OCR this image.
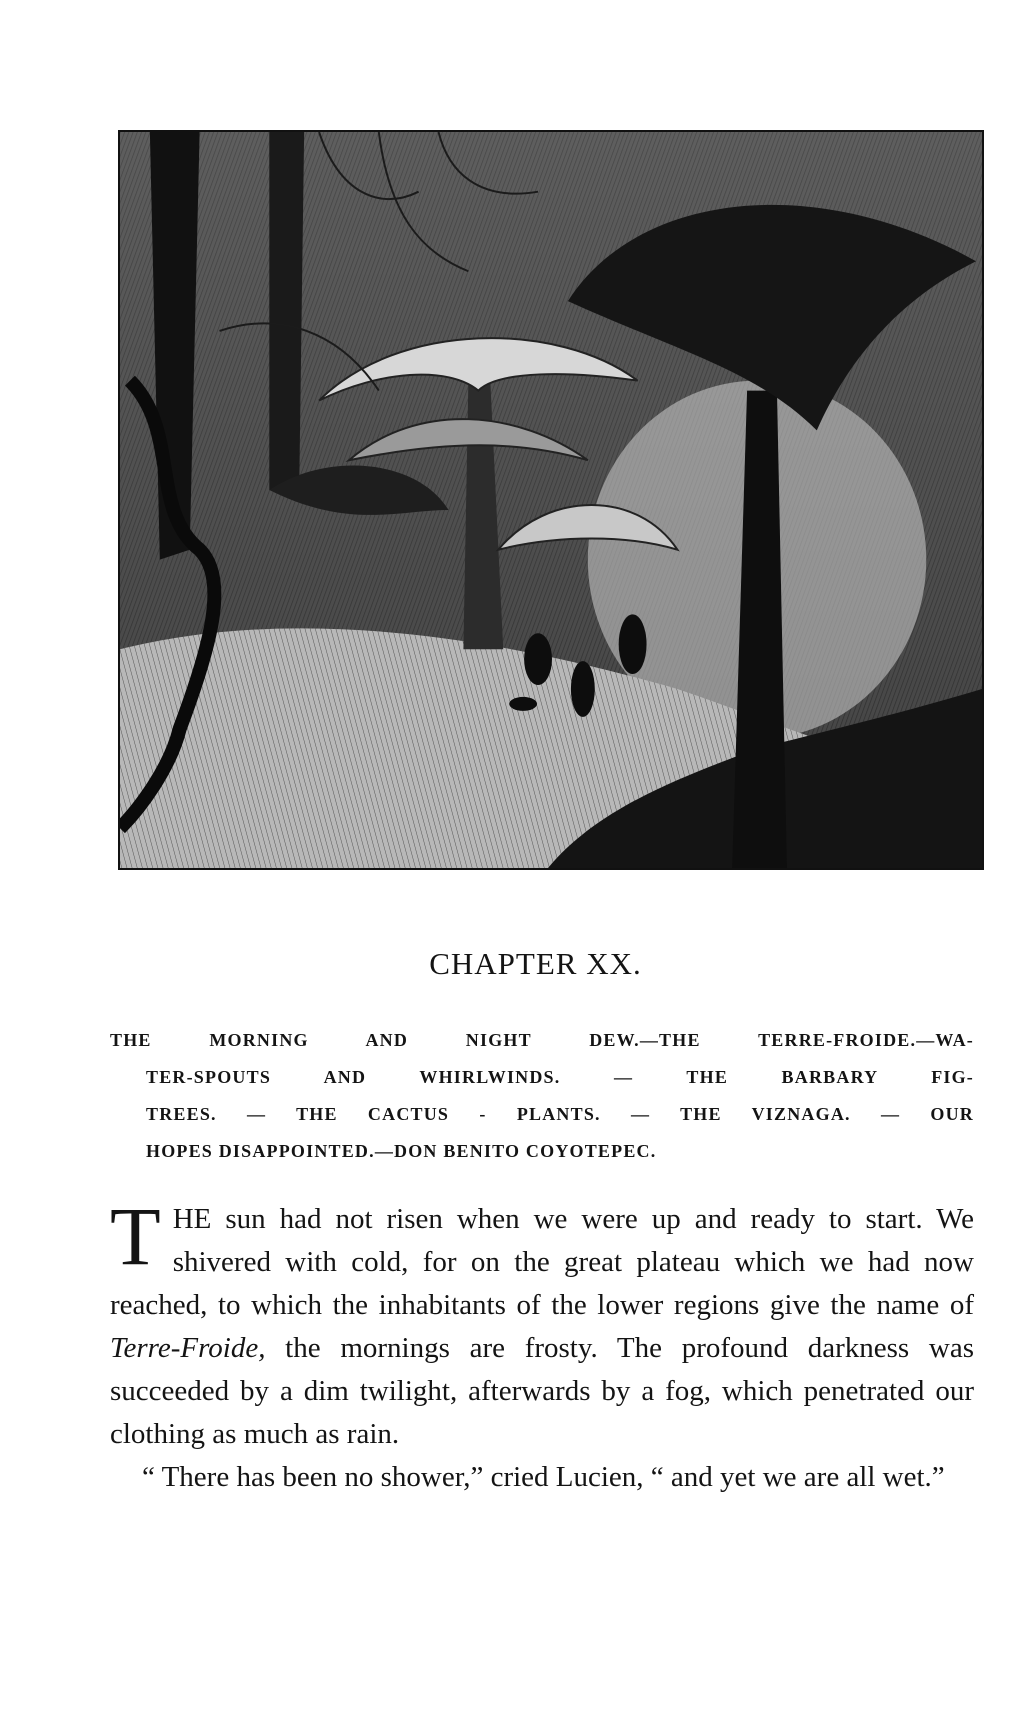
CHAPTER XX.
THE MORNING AND NIGHT DEW.—THE TERRE-FROIDE.—WA-
TER-SPOUTS AND WHIRLWINDS. — THE BARBARY FIG-
TREES. — THE CACTUS - PLANTS. — THE VIZNAGA. — OUR
HOPES DISAPPOINTED.—DON BENITO COYOTEPEC.

THE sun had not risen when we were up and ready to start. We shivered with cold, for on the great plateau which we had now reached, to which the inhabitants of the lower regions give the name of Terre-Froide, the mornings are frosty. The profound darkness was succeeded by a dim twilight, afterwards by a fog, which penetrated our clothing as much as rain.

“ There has been no shower,” cried Lucien, “ and yet we are all wet.”
